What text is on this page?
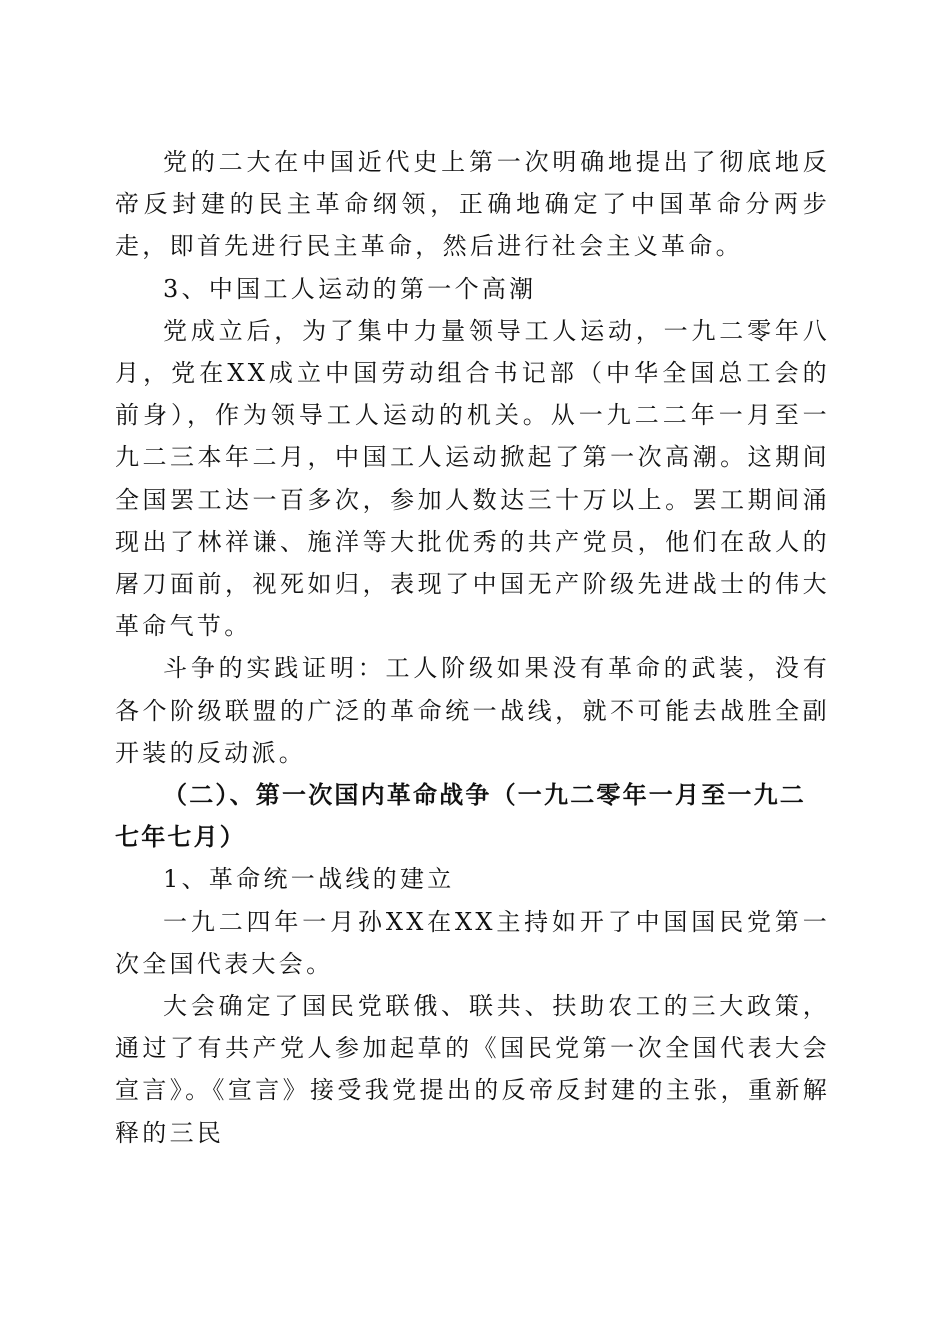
党的二大在中国近代史上第一次明确地提出了彻底地反帝反封建的民主革命纲领，正确地确定了中国革命分两步走，即首先进行民主革命，然后进行社会主义革命。

3、中国工人运动的第一个高潮

党成立后，为了集中力量领导工人运动，一九二零年八月，党在XX成立中国劳动组合书记部（中华全国总工会的前身），作为领导工人运动的机关。从一九二二年一月至一九二三本年二月，中国工人运动掀起了第一次高潮。这期间全国罢工达一百多次，参加人数达三十万以上。罢工期间涌现出了林祥谦、施洋等大批优秀的共产党员，他们在敌人的屠刀面前，视死如归，表现了中国无产阶级先进战士的伟大革命气节。

斗争的实践证明：工人阶级如果没有革命的武装，没有各个阶级联盟的广泛的革命统一战线，就不可能去战胜全副开装的反动派。

（二）、第一次国内革命战争（一九二零年一月至一九二七年七月）

1、革命统一战线的建立

一九二四年一月孙XX在XX主持如开了中国国民党第一次全国代表大会。

大会确定了国民党联俄、联共、扶助农工的三大政策，通过了有共产党人参加起草的《国民党第一次全国代表大会宣言》。《宣言》接受我党提出的反帝反封建的主张，重新解释的三民
